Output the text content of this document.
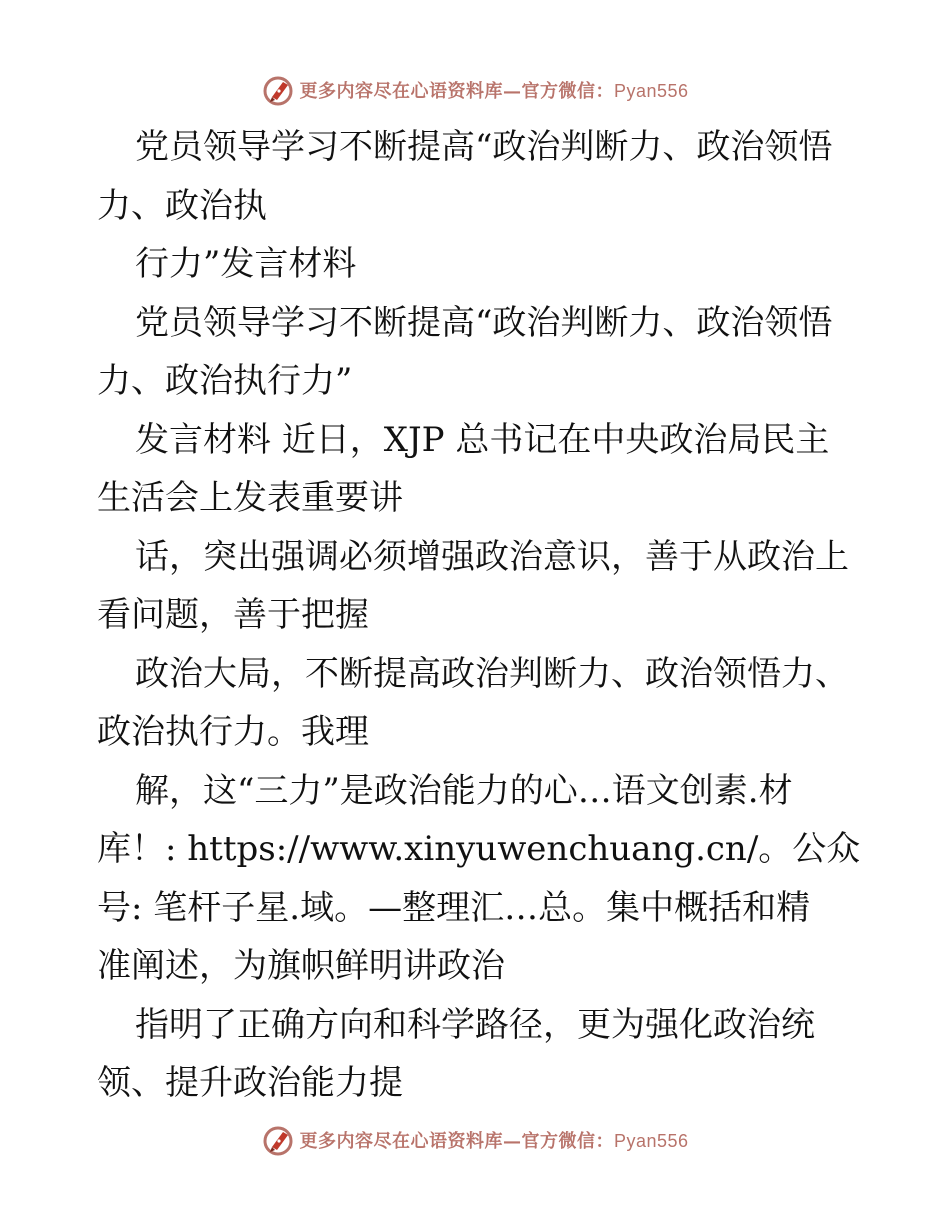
更多内容尽在心语资料库—官方微信：Pyan556
党员领导学习不断提高“政治判断力、政治领悟
力、政治执
行力”发言材料
党员领导学习不断提高“政治判断力、政治领悟
力、政治执行力”
发言材料 近日，XJP 总书记在中央政治局民主
生活会上发表重要讲
话，突出强调必须增强政治意识，善于从政治上
看问题，善于把握
政治大局，不断提高政治判断力、政治领悟力、
政治执行力。我理
解，这“三力”是政治能力的心…语文创素.材
库！: https://www.xinyuwenchuang.cn/。公众
号: 笔杆子星.域。—整理汇…总。集中概括和精
准阐述，为旗帜鲜明讲政治
指明了正确方向和科学路径，更为强化政治统
领、提升政治能力提
更多内容尽在心语资料库—官方微信：Pyan556
